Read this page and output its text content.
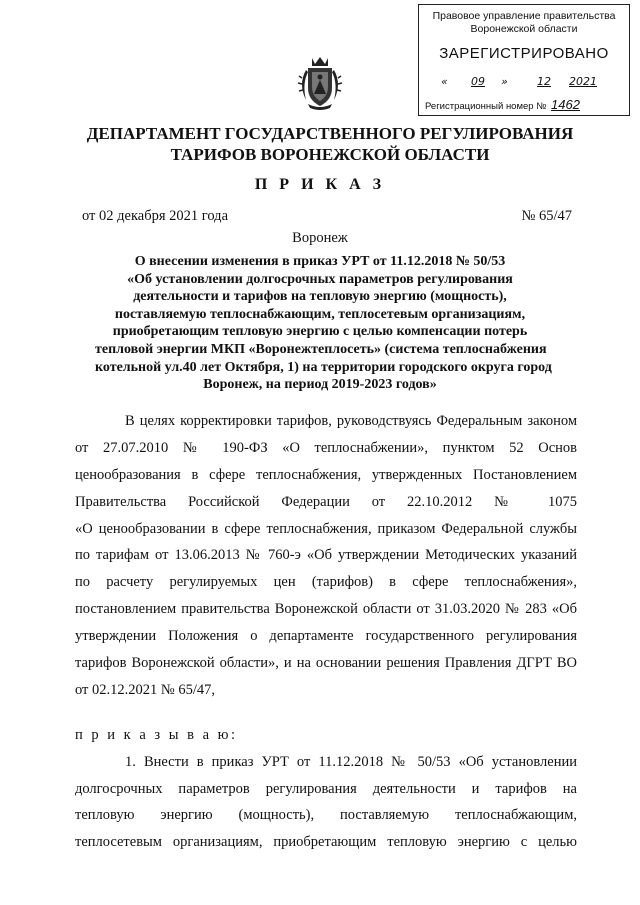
Правовое управление правительства
Воронежской области
ЗАРЕГИСТРИРОВАНО
« 09 »	12 2021
Регистрационный номер № 1462
ДЕПАРТАМЕНТ ГОСУДАРСТВЕННОГО РЕГУЛИРОВАНИЯ
ТАРИФОВ ВОРОНЕЖСКОЙ ОБЛАСТИ
П Р И К А З
от 02 декабря 2021 года	№ 65/47
Воронеж
О внесении изменения в приказ УРТ от 11.12.2018 № 50/53
«Об установлении долгосрочных параметров регулирования
деятельности и тарифов на тепловую энергию (мощность),
поставляемую теплоснабжающим, теплосетевым организациям,
приобретающим тепловую энергию с целью компенсации потерь
тепловой энергии МКП «Воронежтеплосеть» (система теплоснабжения
котельной ул.40 лет Октября, 1) на территории городского округа город
Воронеж, на период 2019-2023 годов»
В целях корректировки тарифов, руководствуясь Федеральным законом
от 27.07.2010 № 190-ФЗ «О теплоснабжении», пунктом 52 Основ
ценообразования в сфере теплоснабжения, утвержденных Постановлением
Правительства Российской Федерации от 22.10.2012 № 1075
«О ценообразовании в сфере теплоснабжения, приказом Федеральной службы
по тарифам от 13.06.2013 № 760-э «Об утверждении Методических указаний
по расчету регулируемых цен (тарифов) в сфере теплоснабжения»,
постановлением правительства Воронежской области от 31.03.2020 № 283 «Об
утверждении Положения о департаменте государственного регулирования
тарифов Воронежской области», и на основании решения Правления ДГРТ ВО
от 02.12.2021 № 65/47,
п р и к а з ы в а ю:
1. Внести в приказ УРТ от 11.12.2018 № 50/53 «Об установлении
долгосрочных параметров регулирования деятельности и тарифов на
тепловую энергию (мощность), поставляемую теплоснабжающим,
теплосетевым организациям, приобретающим тепловую энергию с целью
